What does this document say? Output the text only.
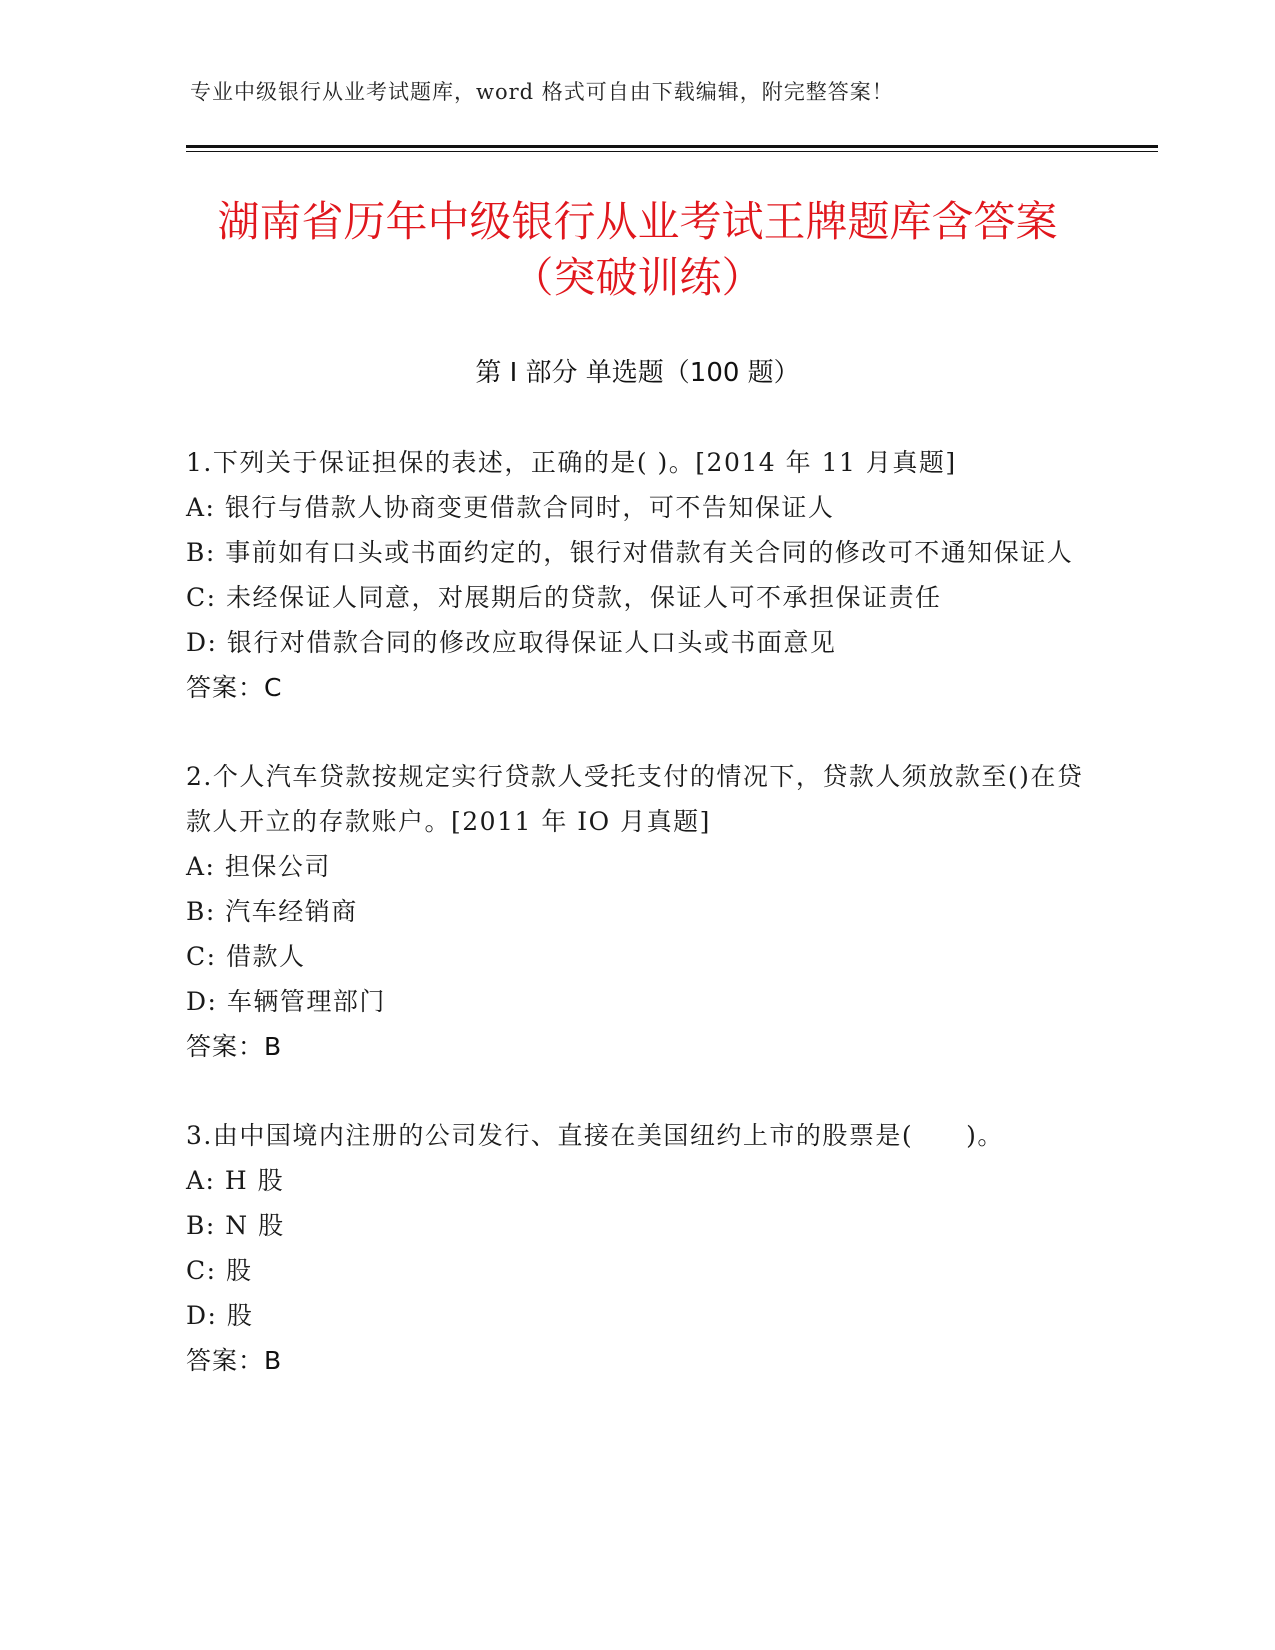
专业中级银行从业考试题库，word 格式可自由下载编辑，附完整答案！
湖南省历年中级银行从业考试王牌题库含答案（突破训练）
第 I 部分 单选题（100 题）

1.下列关于保证担保的表述，正确的是( )。[2014 年 11 月真题]

A: 银行与借款人协商变更借款合同时，可不告知保证人
B: 事前如有口头或书面约定的，银行对借款有关合同的修改可不通知保证人
C: 未经保证人同意，对展期后的贷款，保证人可不承担保证责任
D: 银行对借款合同的修改应取得保证人口头或书面意见
答案：C

2.个人汽车贷款按规定实行贷款人受托支付的情况下，贷款人须放款至()在贷款人开立的存款账户。[2011 年 IO 月真题]

A: 担保公司
B: 汽车经销商
C: 借款人
D: 车辆管理部门
答案：B

3.由中国境内注册的公司发行、直接在美国纽约上市的股票是(　　)。

A: H 股
B: N 股
C: 股
D: 股
答案：B
